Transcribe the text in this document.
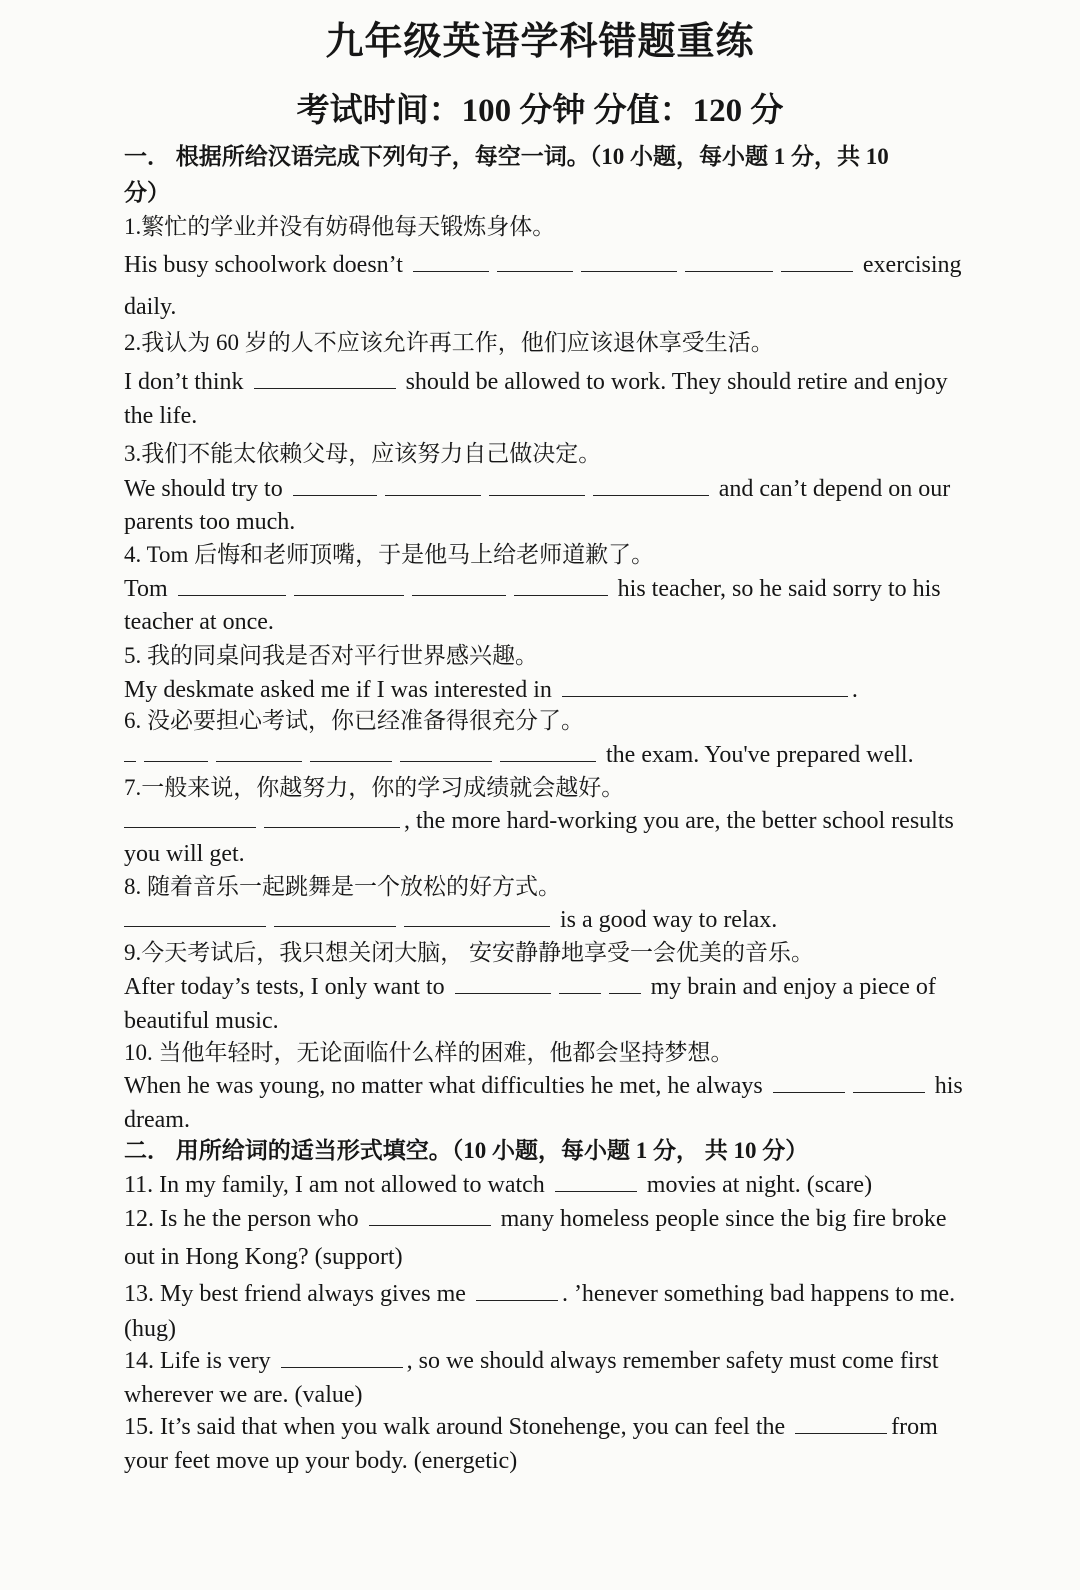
九年级英语学科错题重练
考试时间：100 分钟 分值：120 分
一． 根据所给汉语完成下列句子，每空一词。（10 小题，每小题 1 分，共 10
分）
1.繁忙的学业并没有妨碍他每天锻炼身体。
His busy schoolwork doesn’t	exercising
daily.
2.我认为 60 岁的人不应该允许再工作，他们应该退休享受生活。
I don’t think	should be allowed to work. They should retire and enjoy
the life.
3.我们不能太依赖父母，应该努力自己做决定。
We should try to	and can’t depend on our
parents too much.
4. Tom 后悔和老师顶嘴，于是他马上给老师道歉了。
Tom	his teacher, so he said sorry to his
teacher at once.
5. 我的同桌问我是否对平行世界感兴趣。
My deskmate asked me if I was interested in	.
6. 没必要担心考试，你已经准备得很充分了。
the exam. You've prepared well.
7.一般来说，你越努力，你的学习成绩就会越好。
, the more hard-working you are, the better school results
you will get.
8. 随着音乐一起跳舞是一个放松的好方式。
is a good way to relax.
9.今天考试后，我只想关闭大脑， 安安静静地享受一会优美的音乐。
After today’s tests, I only want to	my brain and enjoy a piece of
beautiful music.
10. 当他年轻时，无论面临什么样的困难，他都会坚持梦想。
When he was young, no matter what difficulties he met, he always	his
dream.
二． 用所给词的适当形式填空。（10 小题，每小题 1 分， 共 10 分）
11. In my family, I am not allowed to watch	movies at night. (scare)
12. Is he the person who	many homeless people since the big fire broke
out in Hong Kong? (support)
13. My best friend always gives me	. ʼhenever something bad happens to me.
(hug)
14. Life is very	, so we should always remember safety must come first
wherever we are. (value)
15. It’s said that when you walk around Stonehenge, you can feel the	from
your feet move up your body. (energetic)
